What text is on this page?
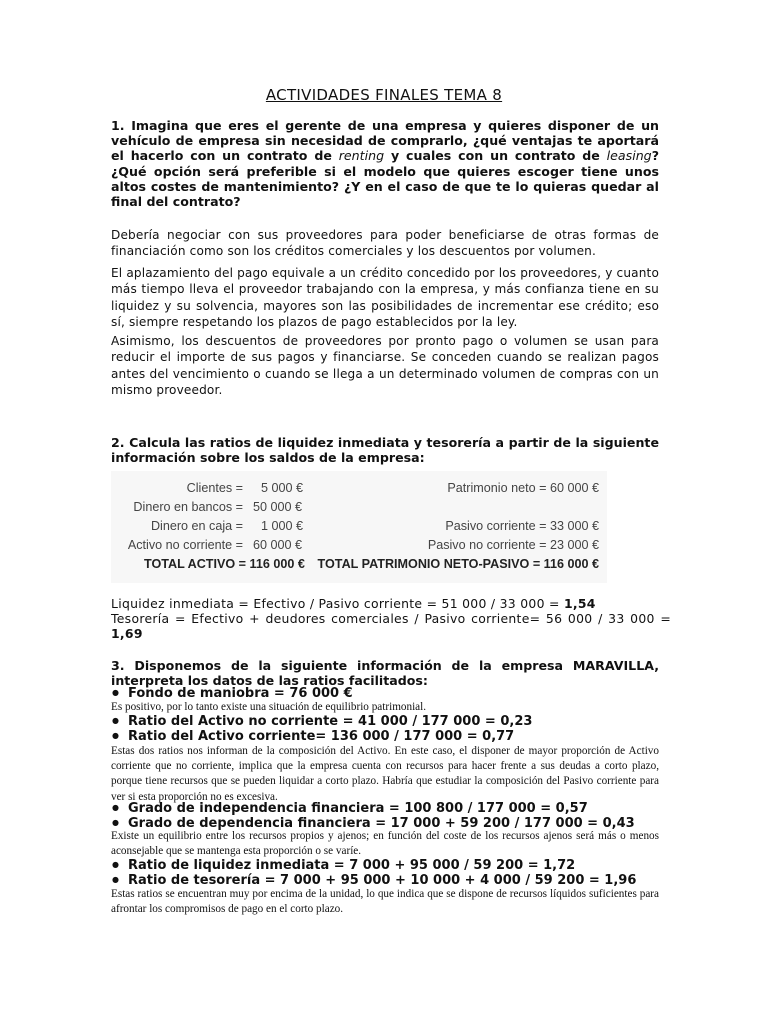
ACTIVIDADES FINALES TEMA 8
1. Imagina que eres el gerente de una empresa y quieres disponer de un vehículo de empresa sin necesidad de comprarlo, ¿qué ventajas te aportará el hacerlo con un contrato de renting y cuales con un contrato de leasing? ¿Qué opción será preferible si el modelo que quieres escoger tiene unos altos costes de mantenimiento? ¿Y en el caso de que te lo quieras quedar al final del contrato?
Debería negociar con sus proveedores para poder beneficiarse de otras formas de financiación como son los créditos comerciales y los descuentos por volumen.
El aplazamiento del pago equivale a un crédito concedido por los proveedores, y cuanto más tiempo lleva el proveedor trabajando con la empresa, y más confianza tiene en su liquidez y su solvencia, mayores son las posibilidades de incrementar ese crédito; eso sí, siempre respetando los plazos de pago establecidos por la ley.
Asimismo, los descuentos de proveedores por pronto pago o volumen se usan para reducir el importe de sus pagos y financiarse. Se conceden cuando se realizan pagos antes del vencimiento o cuando se llega a un determinado volumen de compras con un mismo proveedor.
2. Calcula las ratios de liquidez inmediata y tesorería a partir de la siguiente información sobre los saldos de la empresa:
Clientes = 5 000 €
Dinero en bancos = 50 000 €
Dinero en caja = 1 000 €
Activo no corriente = 60 000 €
TOTAL ACTIVO = 116 000 €
Patrimonio neto = 60 000 €
Pasivo corriente = 33 000 €
Pasivo no corriente = 23 000 €
TOTAL PATRIMONIO NETO-PASIVO = 116 000 €
Liquidez inmediata = Efectivo / Pasivo corriente = 51 000 / 33 000 = 1,54
Tesorería = Efectivo + deudores comerciales / Pasivo corriente= 56 000 / 33 000 = 1,69
3. Disponemos de la siguiente información de la empresa MARAVILLA, interpreta los datos de las ratios facilitados:
● Fondo de maniobra = 76 000 €
Es positivo, por lo tanto existe una situación de equilibrio patrimonial.
● Ratio del Activo no corriente = 41 000 / 177 000 = 0,23
● Ratio del Activo corriente= 136 000 / 177 000 = 0,77
Estas dos ratios nos informan de la composición del Activo. En este caso, el disponer de mayor proporción de Activo corriente que no corriente, implica que la empresa cuenta con recursos para hacer frente a sus deudas a corto plazo, porque tiene recursos que se pueden liquidar a corto plazo. Habría que estudiar la composición del Pasivo corriente para ver si esta proporción no es excesiva.
● Grado de independencia financiera = 100 800 / 177 000 = 0,57
● Grado de dependencia financiera = 17 000 + 59 200 / 177 000 = 0,43
Existe un equilibrio entre los recursos propios y ajenos; en función del coste de los recursos ajenos será más o menos aconsejable que se mantenga esta proporción o se varíe.
● Ratio de liquidez inmediata = 7 000 + 95 000 / 59 200 = 1,72
● Ratio de tesorería = 7 000 + 95 000 + 10 000 + 4 000 / 59 200 = 1,96
Estas ratios se encuentran muy por encima de la unidad, lo que indica que se dispone de recursos líquidos suficientes para afrontar los compromisos de pago en el corto plazo.
